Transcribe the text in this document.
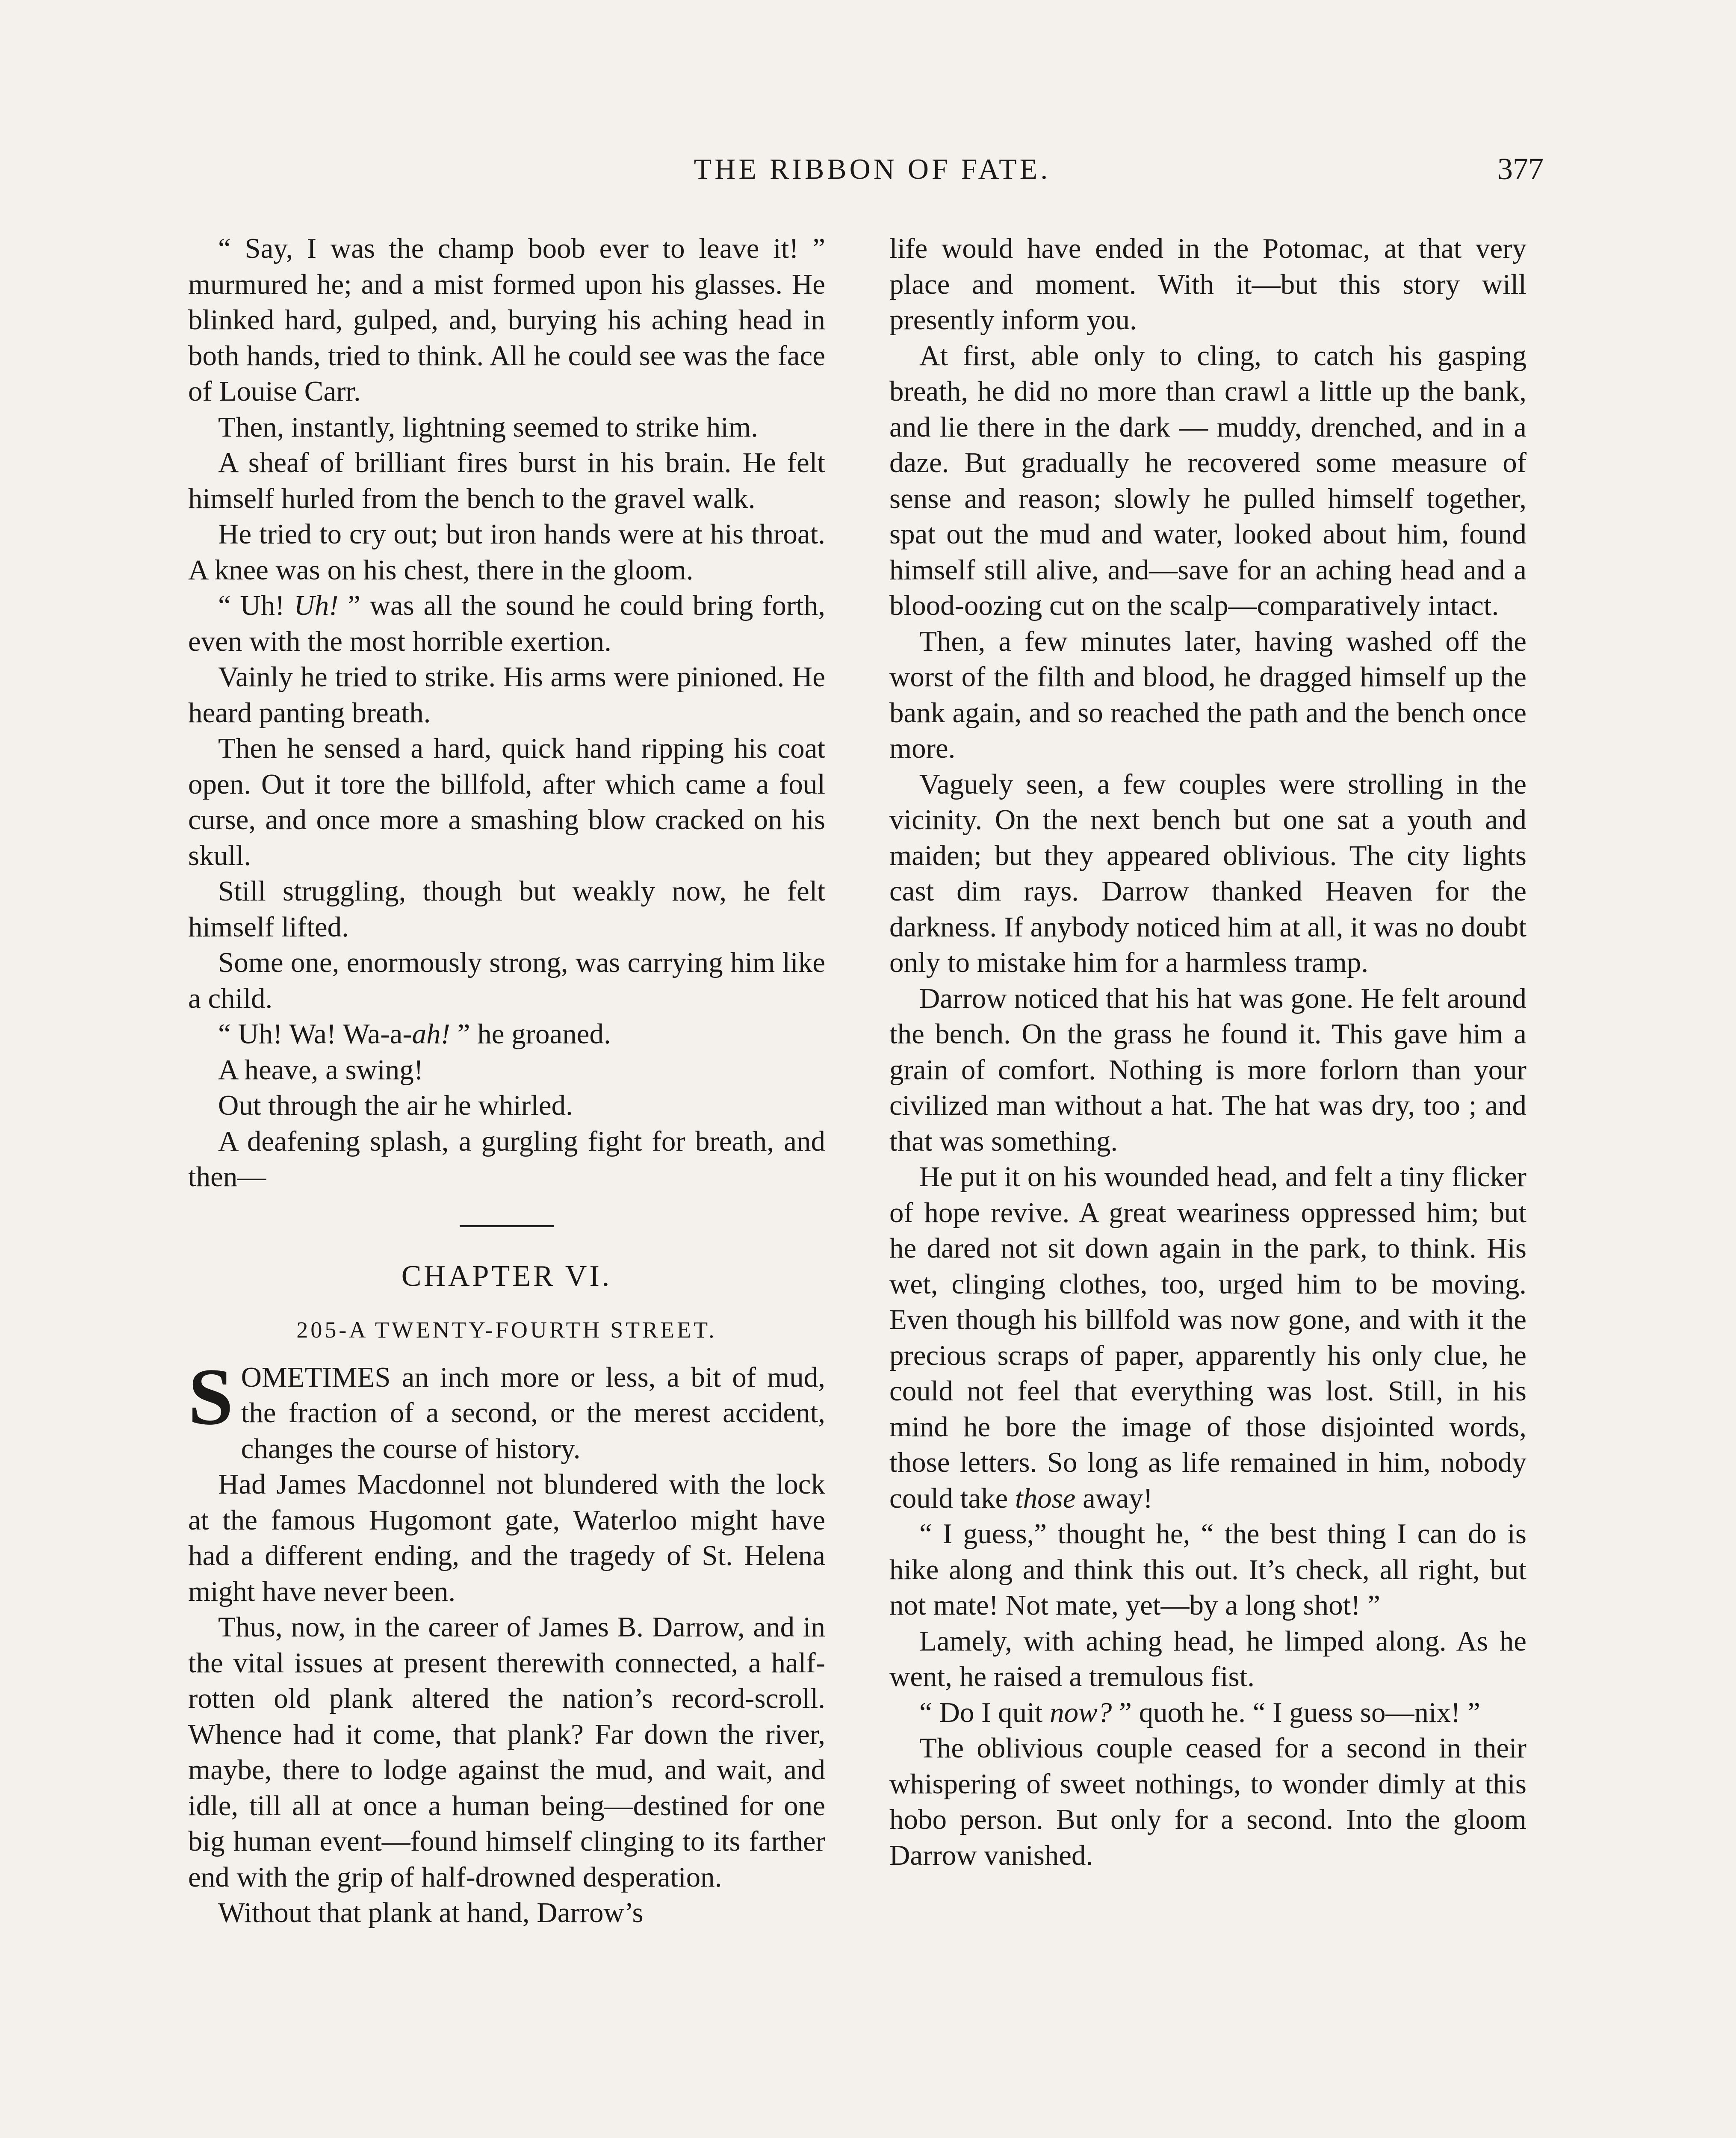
THE RIBBON OF FATE.	377

“ Say, I was the champ boob ever to leave it! ” murmured he; and a mist formed upon his glasses. He blinked hard, gulped, and, burying his aching head in both hands, tried to think. All he could see was the face of Louise Carr.

Then, instantly, lightning seemed to strike him.

A sheaf of brilliant fires burst in his brain. He felt himself hurled from the bench to the gravel walk.

He tried to cry out; but iron hands were at his throat. A knee was on his chest, there in the gloom.

“ Uh! Uh! ” was all the sound he could bring forth, even with the most horrible exertion.

Vainly he tried to strike. His arms were pinioned. He heard panting breath.

Then he sensed a hard, quick hand ripping his coat open. Out it tore the billfold, after which came a foul curse, and once more a smashing blow cracked on his skull.

Still struggling, though but weakly now, he felt himself lifted.

Some one, enormously strong, was carrying him like a child.

“ Uh! Wa! Wa-a-ah! ” he groaned.

A heave, a swing!

Out through the air he whirled.

A deafening splash, a gurgling fight for breath, and then—

CHAPTER VI.

205-A TWENTY-FOURTH STREET.

SOMETIMES an inch more or less, a bit of mud, the fraction of a second, or the merest accident, changes the course of history.

Had James Macdonnel not blundered with the lock at the famous Hugomont gate, Waterloo might have had a different ending, and the tragedy of St. Helena might have never been.

Thus, now, in the career of James B. Darrow, and in the vital issues at present therewith connected, a half-rotten old plank altered the nation’s record-scroll. Whence had it come, that plank? Far down the river, maybe, there to lodge against the mud, and wait, and idle, till all at once a human being—destined for one big human event—found himself clinging to its farther end with the grip of half-drowned desperation.

Without that plank at hand, Darrow’s

life would have ended in the Potomac, at that very place and moment. With it—but this story will presently inform you.

At first, able only to cling, to catch his gasping breath, he did no more than crawl a little up the bank, and lie there in the dark — muddy, drenched, and in a daze. But gradually he recovered some measure of sense and reason; slowly he pulled himself together, spat out the mud and water, looked about him, found himself still alive, and—save for an aching head and a blood-oozing cut on the scalp—comparatively intact.

Then, a few minutes later, having washed off the worst of the filth and blood, he dragged himself up the bank again, and so reached the path and the bench once more.

Vaguely seen, a few couples were strolling in the vicinity. On the next bench but one sat a youth and maiden; but they appeared oblivious. The city lights cast dim rays. Darrow thanked Heaven for the darkness. If anybody noticed him at all, it was no doubt only to mistake him for a harmless tramp.

Darrow noticed that his hat was gone. He felt around the bench. On the grass he found it. This gave him a grain of comfort. Nothing is more forlorn than your civilized man without a hat. The hat was dry, too ; and that was something.

He put it on his wounded head, and felt a tiny flicker of hope revive. A great weariness oppressed him; but he dared not sit down again in the park, to think. His wet, clinging clothes, too, urged him to be moving. Even though his billfold was now gone, and with it the precious scraps of paper, apparently his only clue, he could not feel that everything was lost. Still, in his mind he bore the image of those disjointed words, those letters. So long as life remained in him, nobody could take those away!

“ I guess,” thought he, “ the best thing I can do is hike along and think this out. It’s check, all right, but not mate! Not mate, yet—by a long shot! ”

Lamely, with aching head, he limped along. As he went, he raised a tremulous fist.

“ Do I quit now? ” quoth he. “ I guess so—nix! ”

The oblivious couple ceased for a second in their whispering of sweet nothings, to wonder dimly at this hobo person. But only for a second. Into the gloom Darrow vanished.
